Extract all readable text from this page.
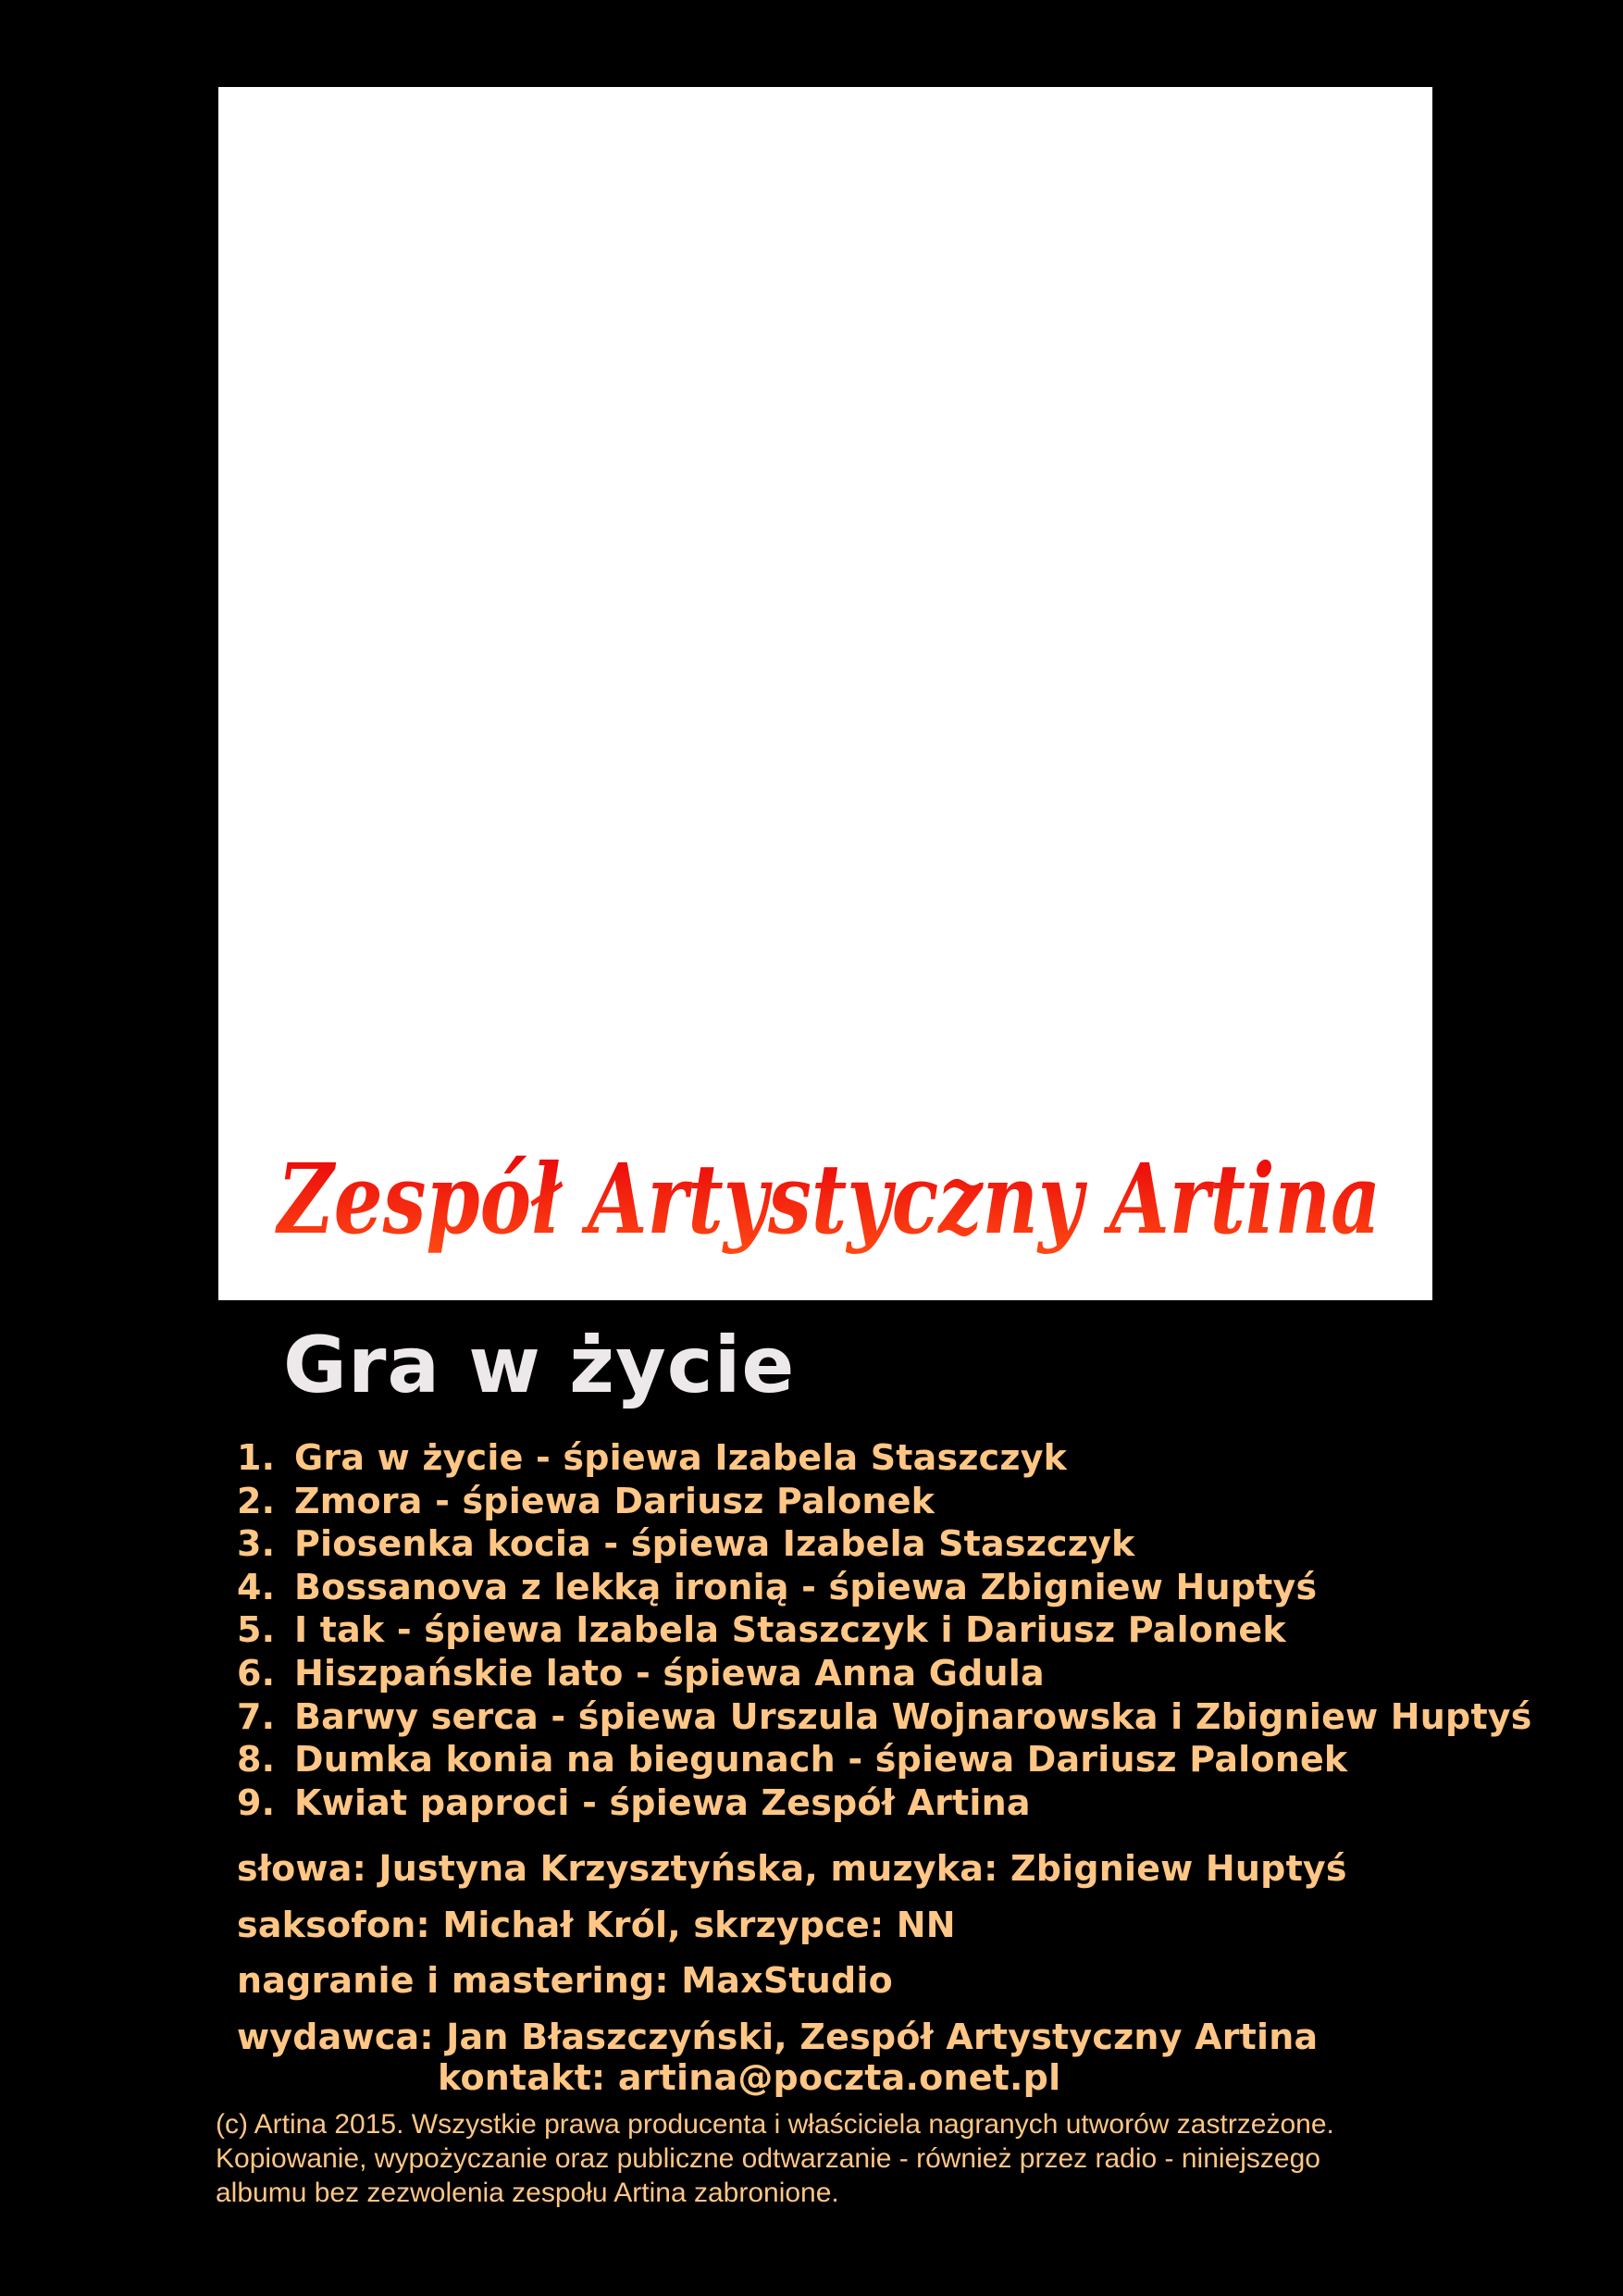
Zespół Artystyczny Artina
Gra w życie
1. Gra w życie - śpiewa Izabela Staszczyk
2. Zmora - śpiewa Dariusz Palonek
3. Piosenka kocia - śpiewa Izabela Staszczyk
4. Bossanova z lekką ironią - śpiewa Zbigniew Huptyś
5. I tak - śpiewa Izabela Staszczyk i Dariusz Palonek
6. Hiszpańskie lato - śpiewa Anna Gdula
7. Barwy serca - śpiewa Urszula Wojnarowska i Zbigniew Huptyś
8. Dumka konia na biegunach - śpiewa Dariusz Palonek
9. Kwiat paproci - śpiewa Zespół Artina
słowa: Justyna Krzysztyńska, muzyka: Zbigniew Huptyś
saksofon: Michał Król, skrzypce: NN
nagranie i mastering: MaxStudio
wydawca: Jan Błaszczyński, Zespół Artystyczny Artina
kontakt: artina@poczta.onet.pl
(c) Artina 2015. Wszystkie prawa producenta i właściciela nagranych utworów zastrzeżone.
Kopiowanie, wypożyczanie oraz publiczne odtwarzanie - również przez radio - niniejszego
albumu bez zezwolenia zespołu Artina zabronione.
